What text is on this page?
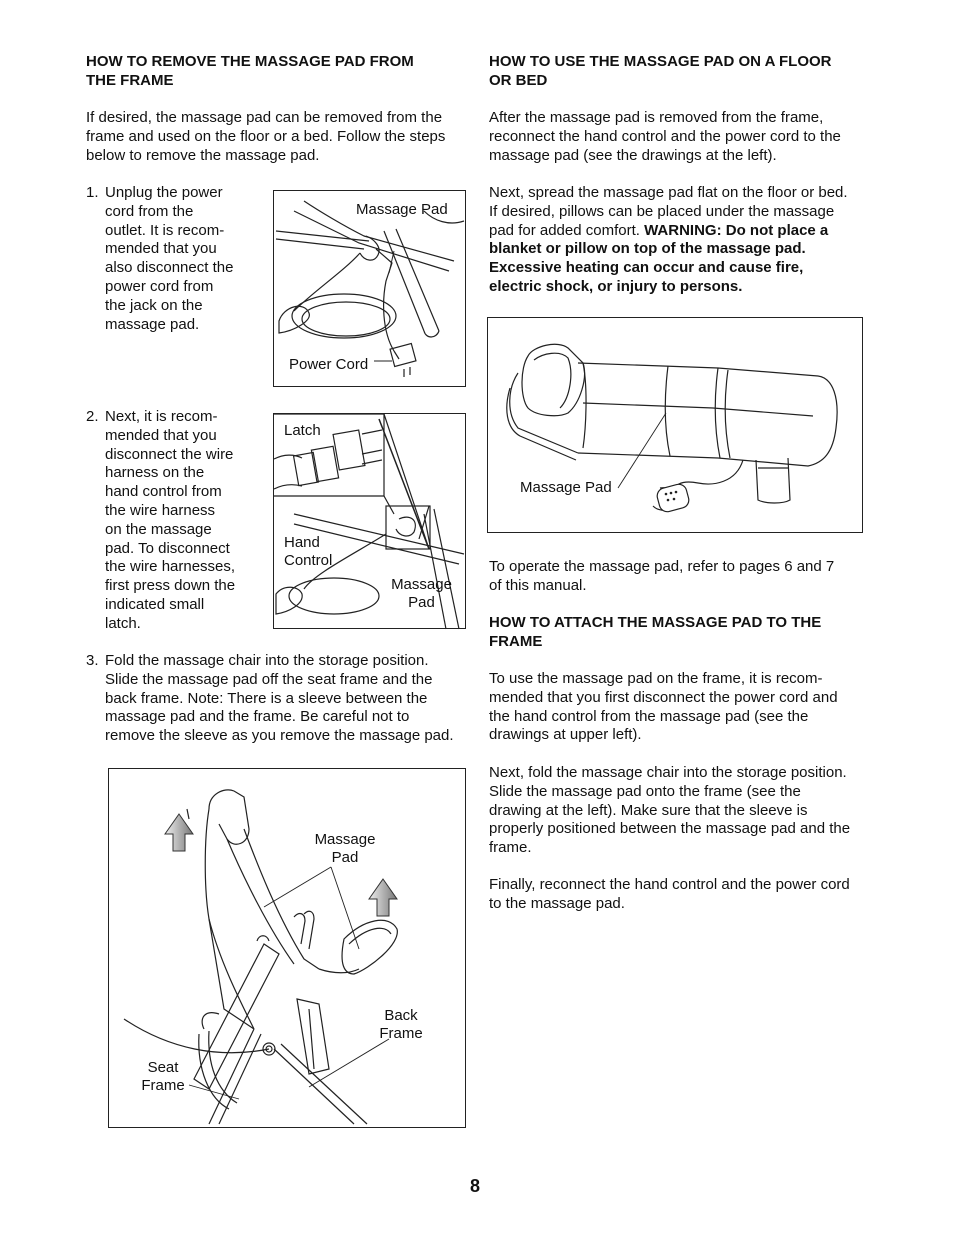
HOW TO REMOVE THE MASSAGE PAD FROM
THE FRAME

If desired, the massage pad can be removed from the

frame and used on the floor or a bed. Follow the steps

below to remove the massage pad.

1. Unplug the power

cord from the

outlet. It is recom-

mended that you

also disconnect the

power cord from

the jack on the

massage pad.

Massage Pad
Power Cord
2. Next, it is recom-

mended that you

disconnect the wire

harness on the

hand control from

the wire harness

on the massage

pad. To disconnect

the wire harnesses,

first press down the

indicated small

latch.

Latch
Hand
Control
Massage
Pad
3. Fold the massage chair into the storage position.

Slide the massage pad off the seat frame and the

back frame. Note: There is a sleeve between the

massage pad and the frame. Be careful not to

remove the sleeve as you remove the massage pad.

Massage
Pad
Back
Frame
Seat
Frame
HOW TO USE THE MASSAGE PAD ON A FLOOR
OR BED

After the massage pad is removed from the frame,

reconnect the hand control and the power cord to the

massage pad (see the drawings at the left).

Next, spread the massage pad flat on the floor or bed.

If desired, pillows can be placed under the massage

pad for added comfort. WARNING: Do not place a

blanket or pillow on top of the massage pad.

Excessive heating can occur and cause fire,

electric shock, or injury to persons.

Massage Pad

To operate the massage pad, refer to pages 6 and 7

of this manual.

HOW TO ATTACH THE MASSAGE PAD TO THE
FRAME

To use the massage pad on the frame, it is recom-

mended that you first disconnect the power cord and

the hand control from the massage pad (see the

drawings at upper left).

Next, fold the massage chair into the storage position.

Slide the massage pad onto the frame (see the

drawing at the left). Make sure that the sleeve is

properly positioned between the massage pad and the

frame.

Finally, reconnect the hand control and the power cord

to the massage pad.

8
